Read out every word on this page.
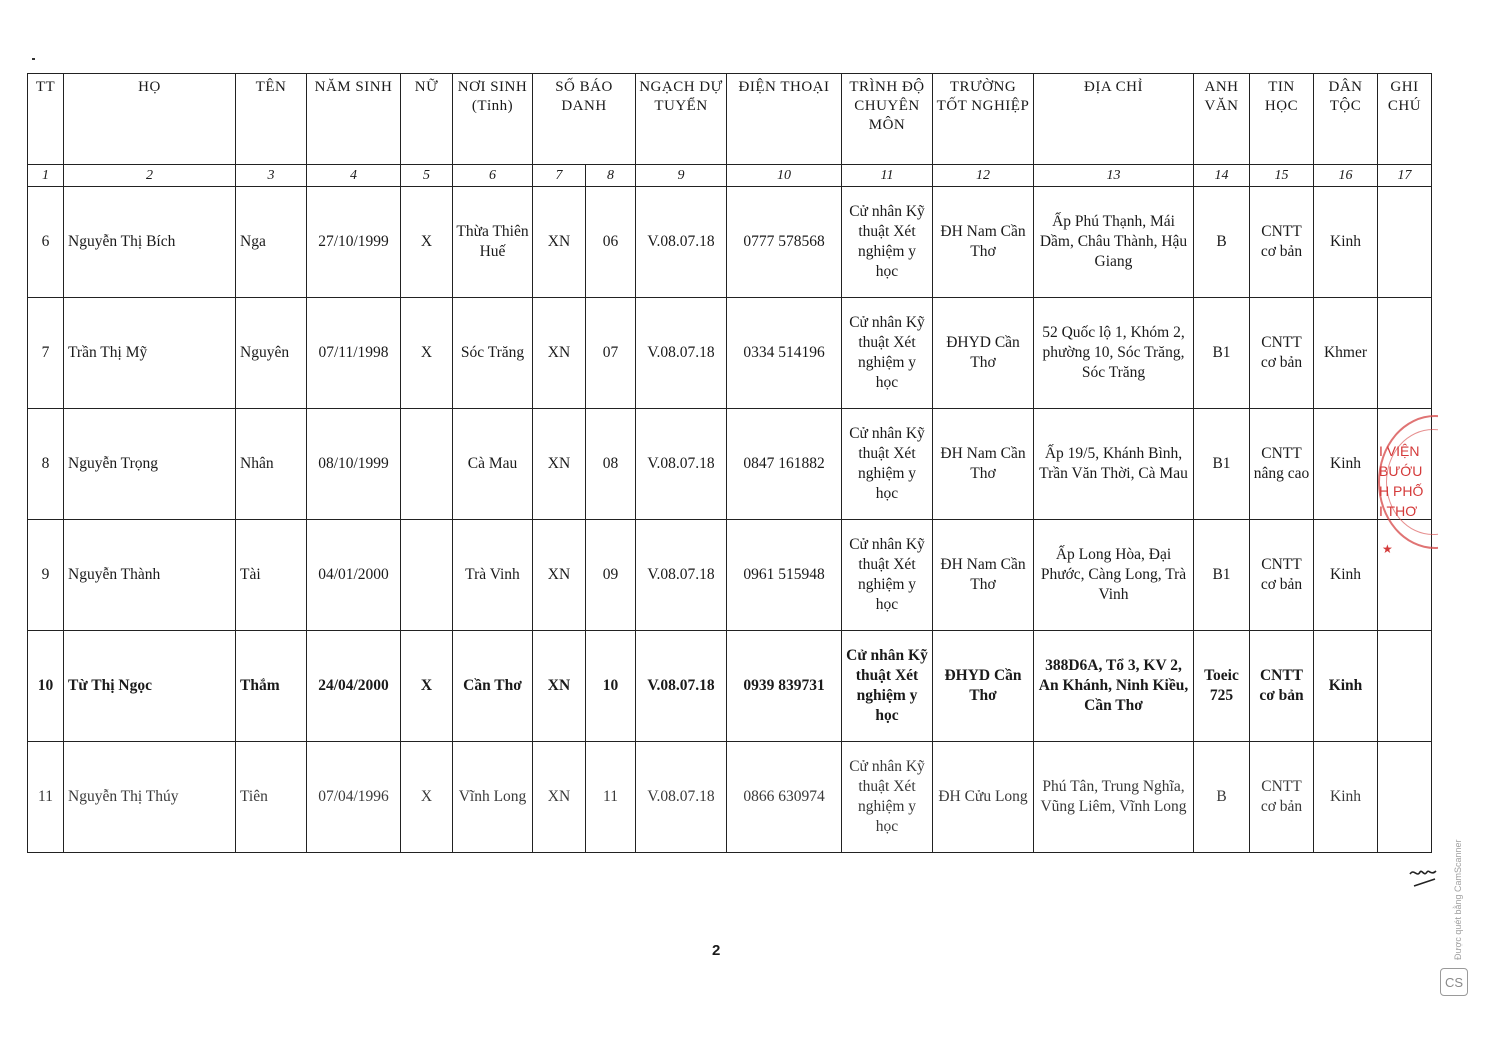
TT	HỌ	TÊN	NĂM SINH	NỮ	NƠI SINH (Tỉnh)	SỐ BÁO DANH		NGẠCH DỰ TUYỂN	ĐIỆN THOẠI	TRÌNH ĐỘ CHUYÊN MÔN	TRƯỜNG TỐT NGHIỆP	ĐỊA CHỈ	ANH VĂN	TIN HỌC	DÂN TỘC	GHI CHÚ
1	2	3	4	5	6	7	8	9	10	11	12	13	14	15	16	17
6	Nguyễn Thị Bích	Nga	27/10/1999	X	Thừa Thiên Huế	XN	06	V.08.07.18	0777 578568	Cử nhân Kỹ thuật Xét nghiệm y học	ĐH Nam Cần Thơ	Ấp Phú Thạnh, Mái Dầm, Châu Thành, Hậu Giang	B	CNTT cơ bản	Kinh	
7	Trần Thị Mỹ	Nguyên	07/11/1998	X	Sóc Trăng	XN	07	V.08.07.18	0334 514196	Cử nhân Kỹ thuật Xét nghiệm y học	ĐHYD Cần Thơ	52 Quốc lộ 1, Khóm 2, phường 10, Sóc Trăng, Sóc Trăng	B1	CNTT cơ bản	Khmer	
8	Nguyễn Trọng	Nhân	08/10/1999		Cà Mau	XN	08	V.08.07.18	0847 161882	Cử nhân Kỹ thuật Xét nghiệm y học	ĐH Nam Cần Thơ	Ấp 19/5, Khánh Bình, Trần Văn Thời, Cà Mau	B1	CNTT nâng cao	Kinh	
9	Nguyễn Thành	Tài	04/01/2000		Trà Vinh	XN	09	V.08.07.18	0961 515948	Cử nhân Kỹ thuật Xét nghiệm y học	ĐH Nam Cần Thơ	Ấp Long Hòa, Đại Phước, Càng Long, Trà Vinh	B1	CNTT cơ bản	Kinh	
10	Từ Thị Ngọc	Thắm	24/04/2000	X	Cần Thơ	XN	10	V.08.07.18	0939 839731	Cử nhân Kỹ thuật Xét nghiệm y học	ĐHYD Cần Thơ	388D6A, Tổ 3, KV 2, An Khánh, Ninh Kiều, Cần Thơ	Toeic 725	CNTT cơ bản	Kinh	
11	Nguyễn Thị Thúy	Tiên	07/04/1996	X	Vĩnh Long	XN	11	V.08.07.18	0866 630974	Cử nhân Kỹ thuật Xét nghiệm y học	ĐH Cửu Long	Phú Tân, Trung Nghĩa, Vũng Liêm, Vĩnh Long	B	CNTT cơ bản	Kinh	
I VIỆN
BƯỚU
H PHỐ
I THƠ
★
2
CS
Được quét bằng CamScanner
